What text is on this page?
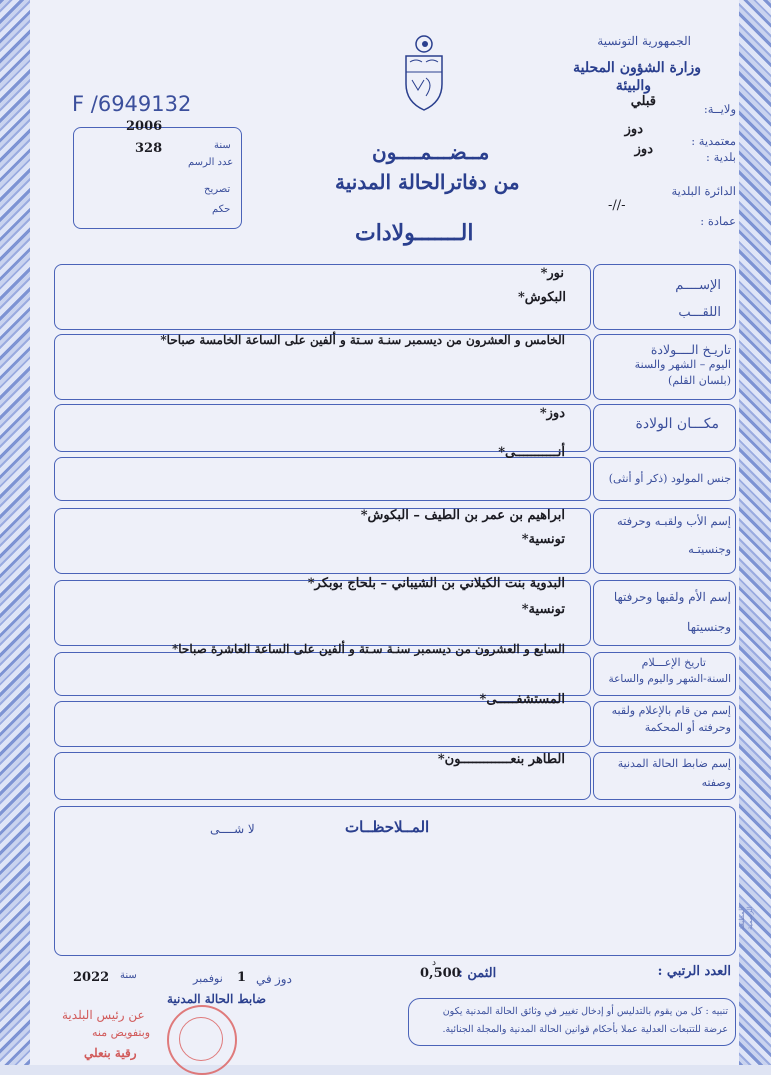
الجمهورية التونسية
وزارة الشؤون المحلية
والبيئة
ولايــة:
قبلي
معتمدية :
دوز
بلدية :
دوز
الدائرة البلدية
-//-
عمادة :
F /6949132
2006
سنة
328
عدد الرسم
تصريح
حكم
مــضـــمــــون
من دفاترالحالة المدنية
الـــــــولادات
الإســــم
اللقـــب
نور*
البكوش*
تاريـخ الــــولادة
اليوم – الشهر والسنة
(بلسان القلم)
الخامس و العشرون من ديسمبر سنـة سـتة و ألفين على الساعة الخامسة صباحا*
مكـــان الولادة
دوز*
جنس المولود (ذكر أو أنثى)
أنـــــــــــى*
إسم الأب ولقبـه وحرفته
وجنسيتـه
ابراهيم بن عمر بن الطيف – البكوش*
تونسية*
إسم الأم ولقبها وحرفتها
وجنسيتها
البدوية بنت الكيلاني بن الشيباني – بلحاج بوبكر*
تونسية*
تاريخ الإعـــلام
السنة-الشهر واليوم والساعة
السابع و العشرون من ديسمبر سنـة سـتة و ألفين على الساعة العاشرة صباحا*
إسم من قام بالإعلام ولقبه
وحرفته أو المحكمة
المستشفـــــى*
إسم ضابط الحالة المدنية
وصفته
الطاهر بنعـــــــــــــون*
المــلاحظــات
لا شــــى
المطبعة الرسمية
العدد الرتبي :
الثمن :
0,500
د
دوز
في
1
نوفمبر
سنة
2022
ضابط الحالة المدنية
عن رئيس البلدية
وبتفويض منه
رقية بنعلي
تنبيه : كل من يقوم بالتدليس أو إدخال تغيير في وثائق الحالة المدنية يكون عرضة للتتبعات العدلية عملا بأحكام قوانين الحالة المدنية والمجلة الجنائية.
